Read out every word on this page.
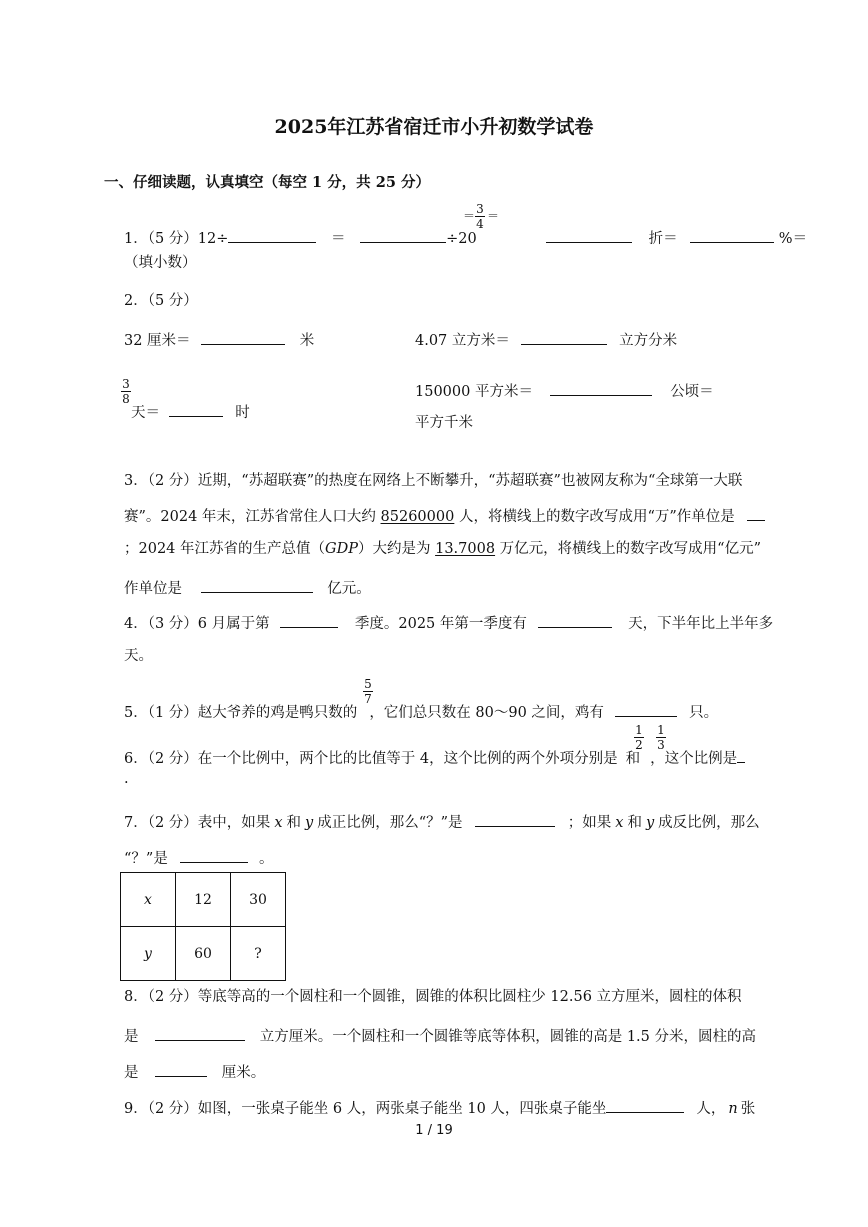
2025年江苏省宿迁市小升初数学试卷
一、仔细读题，认真填空（每空 1 分，共 25 分）
1．（5 分）12÷	＝	÷20	折＝	%＝
＝ 3
4
＝
（填小数）
2．（5 分）
32 厘米＝	米	4.07 立方米＝	立方分米
3
8
天＝	时
150000 平方米＝	公顷＝
平方千米
3．（2 分）近期，“苏超联赛”的热度在网络上不断攀升，“苏超联赛”也被网友称为“全球第一大联
赛”。2024 年末，江苏省常住人口大约 85260000 人，将横线上的数字改写成用“万”作单位是
；2024 年江苏省的生产总值（GDP）大约是为 13.7008 万亿元，将横线上的数字改写成用“亿元”
作单位是	亿元。
4．（3 分）6 月属于第	季度。2025 年第一季度有	天，下半年比上半年多
天。
5
7
5．（1 分）赵大爷养的鸡是鸭只数的 ，它们总只数在 80～90 之间，鸡有	只。
1
2
1
3
6．（2 分）在一个比例中，两个比的比值等于 4，这个比例的两个外项分别是 和 ，这个比例是
.
7．（2 分）表中，如果 x 和 y 成正比例，那么“？”是	；如果 x 和 y 成反比例，那么
“？”是	。
x	12	30
y	60	?
8．（2 分）等底等高的一个圆柱和一个圆锥，圆锥的体积比圆柱少 12.56 立方厘米，圆柱的体积
是	立方厘米。一个圆柱和一个圆锥等底等体积，圆锥的高是 1.5 分米，圆柱的高
是	厘米。
9．（2 分）如图，一张桌子能坐 6 人，两张桌子能坐 10 人，四张桌子能坐	人， n 张
1 / 19
